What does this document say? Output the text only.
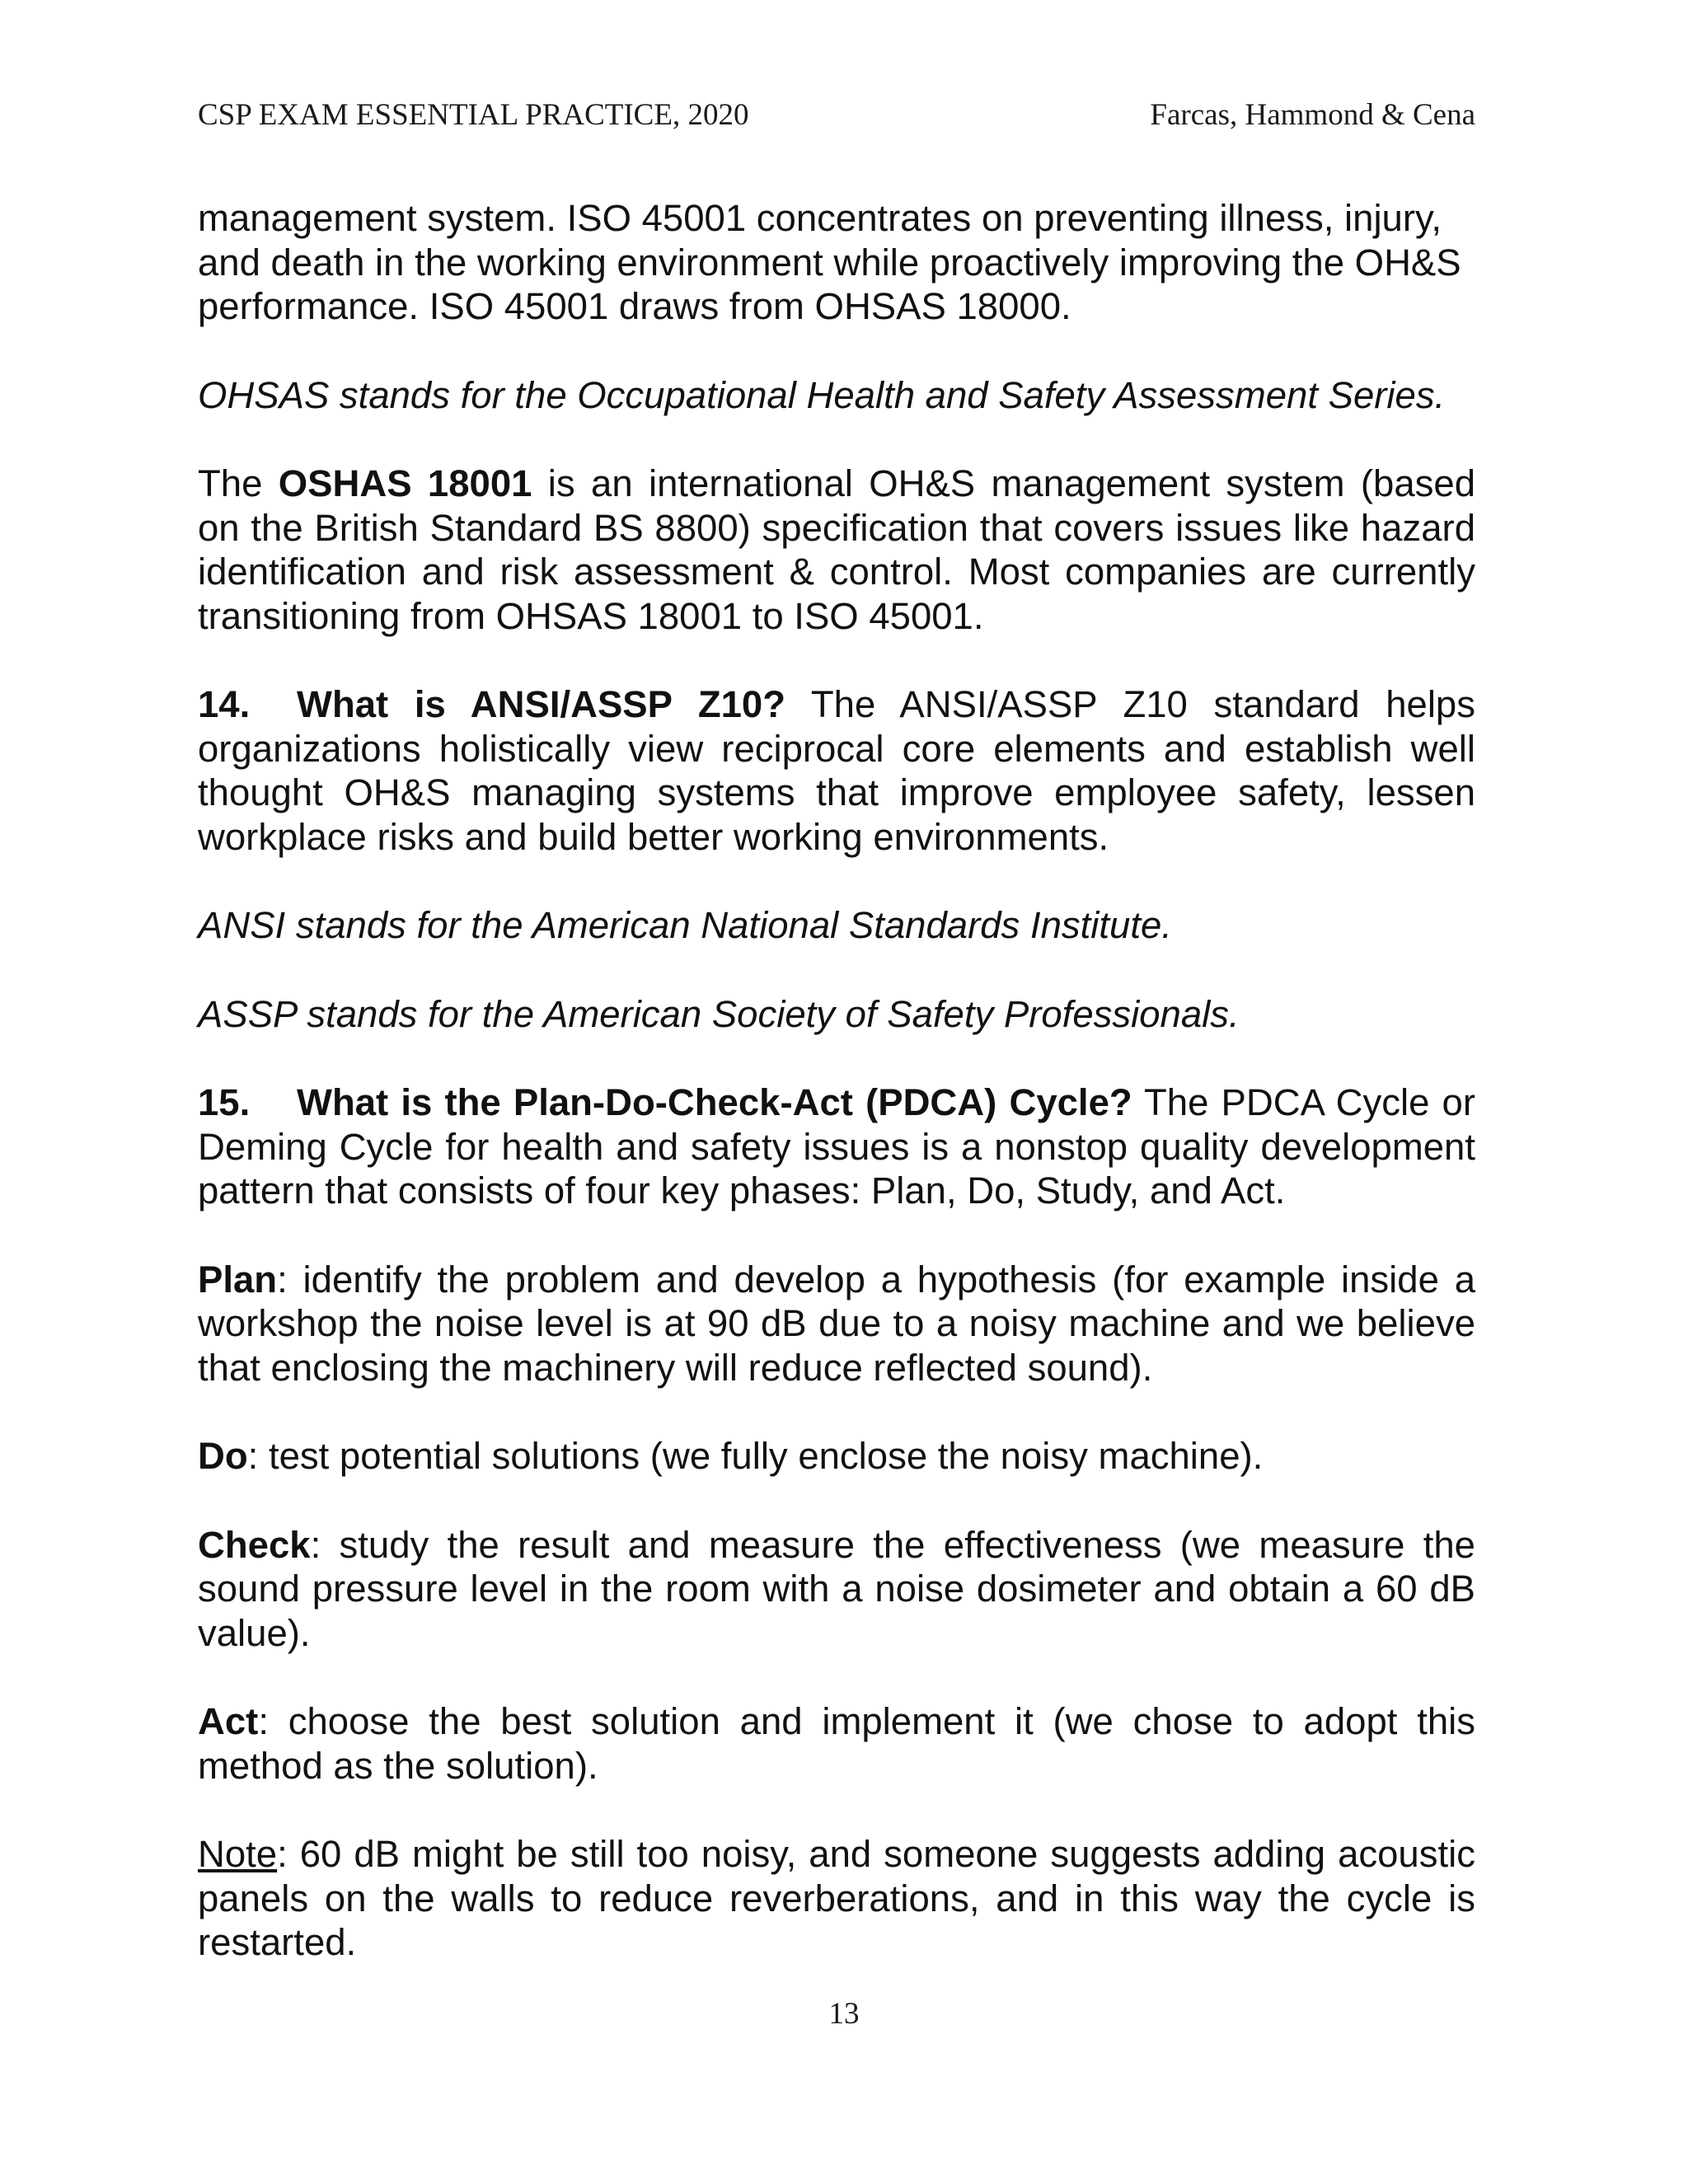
CSP EXAM ESSENTIAL PRACTICE, 2020	Farcas, Hammond & Cena

management system. ISO 45001 concentrates on preventing illness, injury, and death in the working environment while proactively improving the OH&S performance. ISO 45001 draws from OHSAS 18000.

OHSAS stands for the Occupational Health and Safety Assessment Series.

The OSHAS 18001 is an international OH&S management system (based on the British Standard BS 8800) specification that covers issues like hazard identification and risk assessment & control. Most companies are currently transitioning from OHSAS 18001 to ISO 45001.

14. What is ANSI/ASSP Z10? The ANSI/ASSP Z10 standard helps organizations holistically view reciprocal core elements and establish well thought OH&S managing systems that improve employee safety, lessen workplace risks and build better working environments.

ANSI stands for the American National Standards Institute.

ASSP stands for the American Society of Safety Professionals.

15. What is the Plan-Do-Check-Act (PDCA) Cycle? The PDCA Cycle or Deming Cycle for health and safety issues is a nonstop quality development pattern that consists of four key phases: Plan, Do, Study, and Act.

Plan: identify the problem and develop a hypothesis (for example inside a workshop the noise level is at 90 dB due to a noisy machine and we believe that enclosing the machinery will reduce reflected sound).

Do: test potential solutions (we fully enclose the noisy machine).

Check: study the result and measure the effectiveness (we measure the sound pressure level in the room with a noise dosimeter and obtain a 60 dB value).

Act: choose the best solution and implement it (we chose to adopt this method as the solution).

Note: 60 dB might be still too noisy, and someone suggests adding acoustic panels on the walls to reduce reverberations, and in this way the cycle is restarted.

13
